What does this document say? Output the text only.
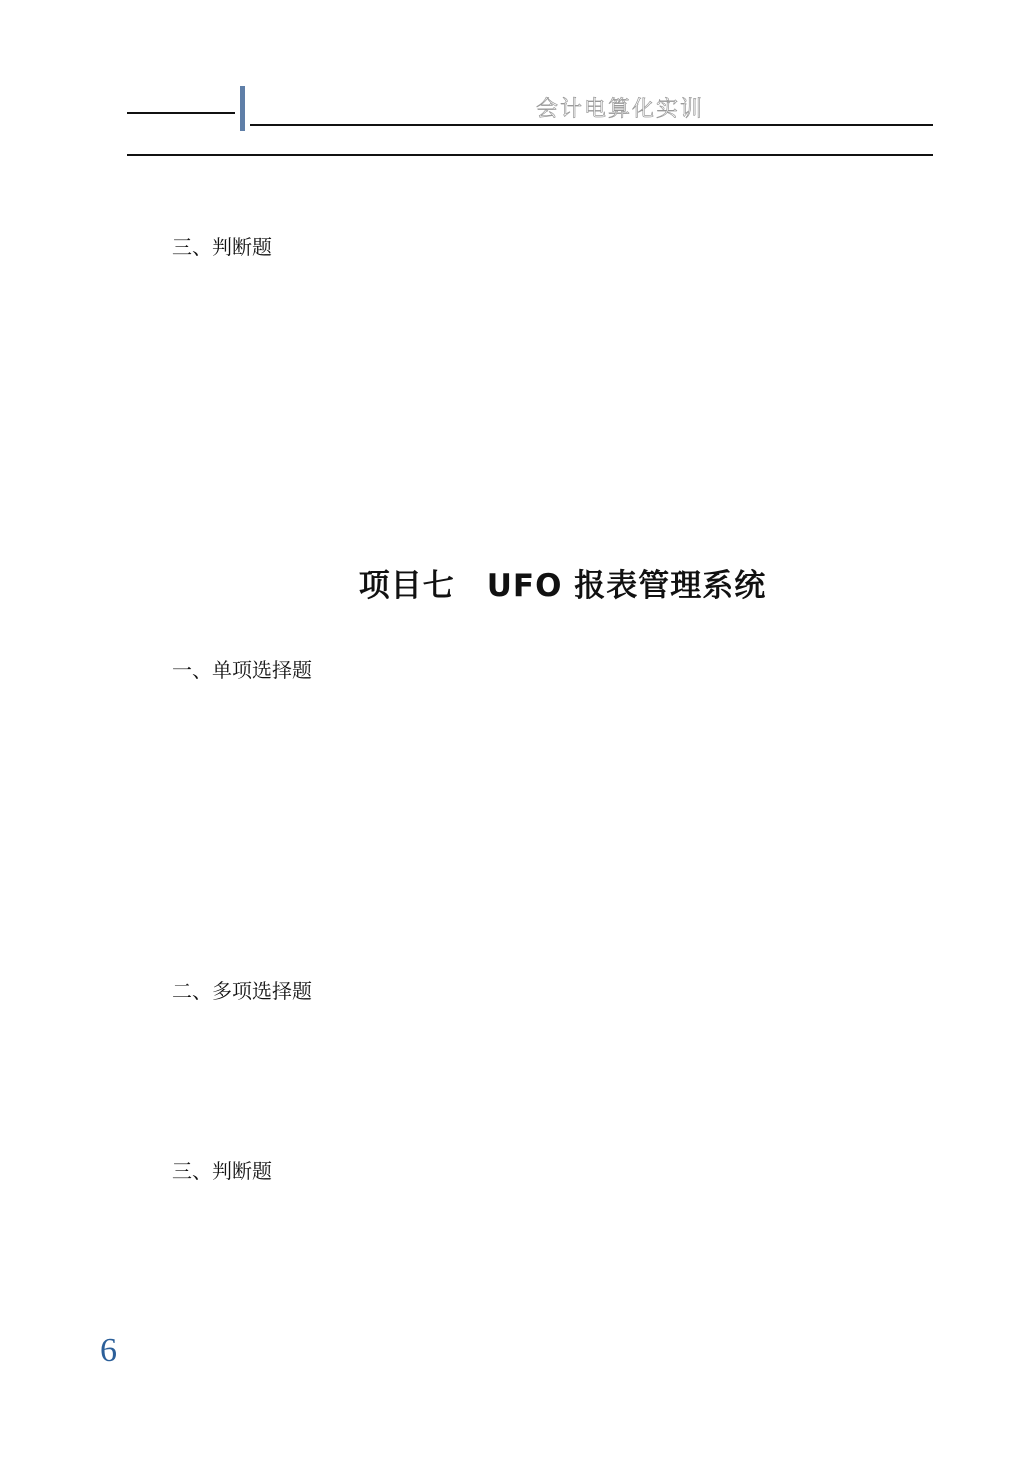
会计电算化实训
三、判断题
项目七　UFO 报表管理系统
一、单项选择题
二、多项选择题
三、判断题
6
